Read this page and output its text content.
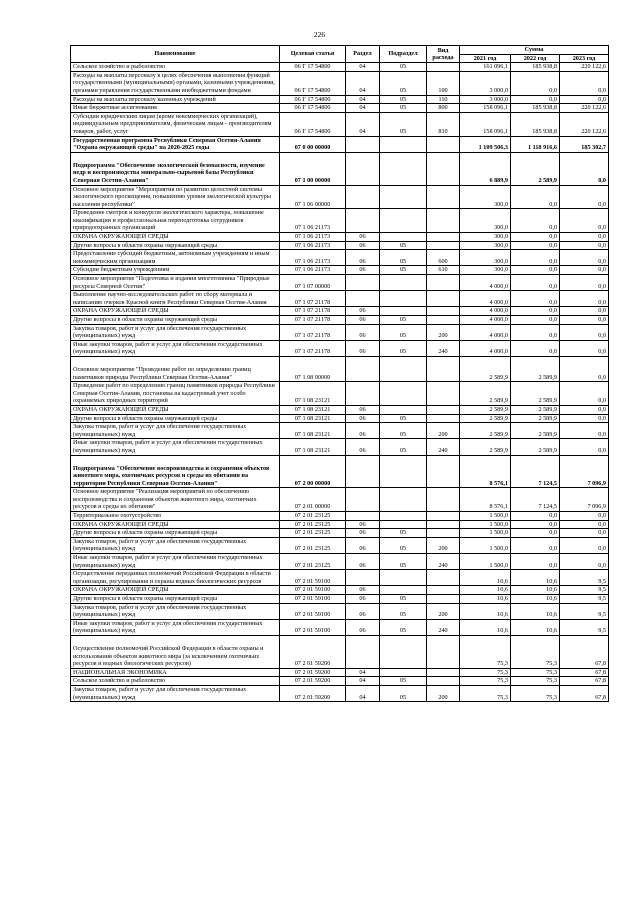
226
Наименование	Целевая статья	Раздел	Подраздел	Вид расхода	Сумма		
					2021 год	2022 год	2023 год
Сельское хозяйство и рыболовство	06 Г 17 54800	04	05		161 096,1	185 938,8	220 122,6
Расходы на выплаты персоналу в целях обеспечения выполнения функций государственными (муниципальными) органами, казенными учреждениями, органами управления государственными внебюджетными фондами	06 Г 17 54800	04	05	100	3 000,0	0,0	0,0
Расходы на выплаты персоналу казенных учреждений	06 Г 17 54800	04	05	110	3 000,0	0,0	0,0
Иные бюджетные ассигнования	06 Г 17 54800	04	05	800	158 096,1	185 938,8	220 122,6
Субсидии юридическим лицам (кроме некоммерческих организаций), индивидуальным предпринимателям, физическим лицам - производителям товаров, работ, услуг	06 Г 17 54800	04	05	810	158 096,1	185 938,8	220 122,6
Государственная программа Республики Северная Осетия-Алания "Охрана окружающей среды" на 2020-2025 годы	07 0 00 00000				1 109 506,3	1 118 916,6	185 302,7
Подпрограмма "Обеспечение экологической безопасности, изучение недр и воспроизводства минерально-сырьевой базы Республики Северная Осетия-Алания"	07 1 00 00000				6 889,9	2 589,9	0,0
Основное мероприятие "Мероприятия по развитию целостной системы экологического просвещения, повышению уровня экологической культуры населения республики"	07 1 06 00000				300,0	0,0	0,0
Проведение смотров и конкурсов экологического характера, повышение квалификации и профессиональная переподготовка сотрудников природоохранных организаций	07 1 06 21173				300,0	0,0	0,0
ОХРАНА ОКРУЖАЮЩЕЙ СРЕДЫ	07 1 06 21173	06			300,0	0,0	0,0
Другие вопросы в области охраны окружающей среды	07 1 06 21173	06	05		300,0	0,0	0,0
Предоставление субсидий бюджетным, автономным учреждениям и иным некоммерческим организациям	07 1 06 21173	06	05	600	300,0	0,0	0,0
Субсидии бюджетным учреждениям	07 1 06 21173	06	05	610	300,0	0,0	0,0
Основное мероприятие "Подготовка и издания многотомника "Природные ресурсы Северной Осетии"	07 1 07 00000				4 000,0	0,0	0,0
Выполнение научно-исследовательских работ по сбору материала и написанию очерков Красной книги Республики Северная Осетия-Алания	07 1 07 21178				4 000,0	0,0	0,0
ОХРАНА ОКРУЖАЮЩЕЙ СРЕДЫ	07 1 07 21178	06			4 000,0	0,0	0,0
Другие вопросы в области охраны окружающей среды	07 1 07 21178	06	05		4 000,0	0,0	0,0
Закупка товаров, работ и услуг для обеспечения государственных (муниципальных) нужд	07 1 07 21178	06	05	200	4 000,0	0,0	0,0
Иные закупки товаров, работ и услуг для обеспечения государственных (муниципальных) нужд	07 1 07 21178	06	05	240	4 000,0	0,0	0,0
Основное мероприятие "Проведение работ по определению границ памятников природы Республики Северная Осетия-Алания"	07 1 08 00000				2 589,9	2 589,9	0,0
Проведение работ по определению границ памятников природы Республики Северная Осетия-Алания, постановка на кадастровый учет особо охраняемых природных территорий	07 1 08 23121				2 589,9	2 589,9	0,0
ОХРАНА ОКРУЖАЮЩЕЙ СРЕДЫ	07 1 08 23121	06			2 589,9	2 589,9	0,0
Другие вопросы в области охраны окружающей среды	07 1 08 23121	06	05		2 589,9	2 589,9	0,0
Закупка товаров, работ и услуг для обеспечения государственных (муниципальных) нужд	07 1 08 23121	06	05	200	2 589,9	2 589,9	0,0
Иные закупки товаров, работ и услуг для обеспечения государственных (муниципальных) нужд	07 1 08 23121	06	05	240	2 589,9	2 589,9	0,0
Подпрограмма "Обеспечение воспроизводства и сохранения объектов животного мира, охотничьих ресурсов и среды их обитания на территории Республики Северная Осетия-Алания"	07 2 00 00000				8 576,1	7 124,5	7 096,9
Основное мероприятие "Реализация мероприятий по обеспечению воспроизводства и сохранения объектов животного мира, охотничьих ресурсов и среды их обитания"	07 2 01 00000				8 576,1	7 124,5	7 096,9
Территориальное охотустройство	07 2 01 23125				1 500,0	0,0	0,0
ОХРАНА ОКРУЖАЮЩЕЙ СРЕДЫ	07 2 01 23125	06			1 500,0	0,0	0,0
Другие вопросы в области охраны окружающей среды	07 2 01 23125	06	05		1 500,0	0,0	0,0
Закупка товаров, работ и услуг для обеспечения государственных (муниципальных) нужд	07 2 01 23125	06	05	200	1 500,0	0,0	0,0
Иные закупки товаров, работ и услуг для обеспечения государственных (муниципальных) нужд	07 2 01 23125	06	05	240	1 500,0	0,0	0,0
Осуществление переданных полномочий Российской Федерации в области организации, регулирования и охраны водных биологических ресурсов	07 2 01 59100				10,6	10,6	9,5
ОХРАНА ОКРУЖАЮЩЕЙ СРЕДЫ	07 2 01 59100	06			10,6	10,6	9,5
Другие вопросы в области охраны окружающей среды	07 2 01 59100	06	05		10,6	10,6	9,5
Закупка товаров, работ и услуг для обеспечения государственных (муниципальных) нужд	07 2 01 59100	06	05	200	10,6	10,6	9,5
Иные закупки товаров, работ и услуг для обеспечения государственных (муниципальных) нужд	07 2 01 59100	06	05	240	10,6	10,6	9,5
Осуществление полномочий Российской Федерации в области охраны и использования объектов животного мира (за исключением охотничьих ресурсов и водных биологических ресурсов)	07 2 01 59200				75,3	75,3	67,8
НАЦИОНАЛЬНАЯ ЭКОНОМИКА	07 2 01 59200	04			75,3	75,3	67,8
Сельское хозяйство и рыболовство	07 2 01 59200	04	05		75,3	75,3	67,8
Закупка товаров, работ и услуг для обеспечения государственных (муниципальных) нужд	07 2 01 59200	04	05	200	75,3	75,3	67,8
